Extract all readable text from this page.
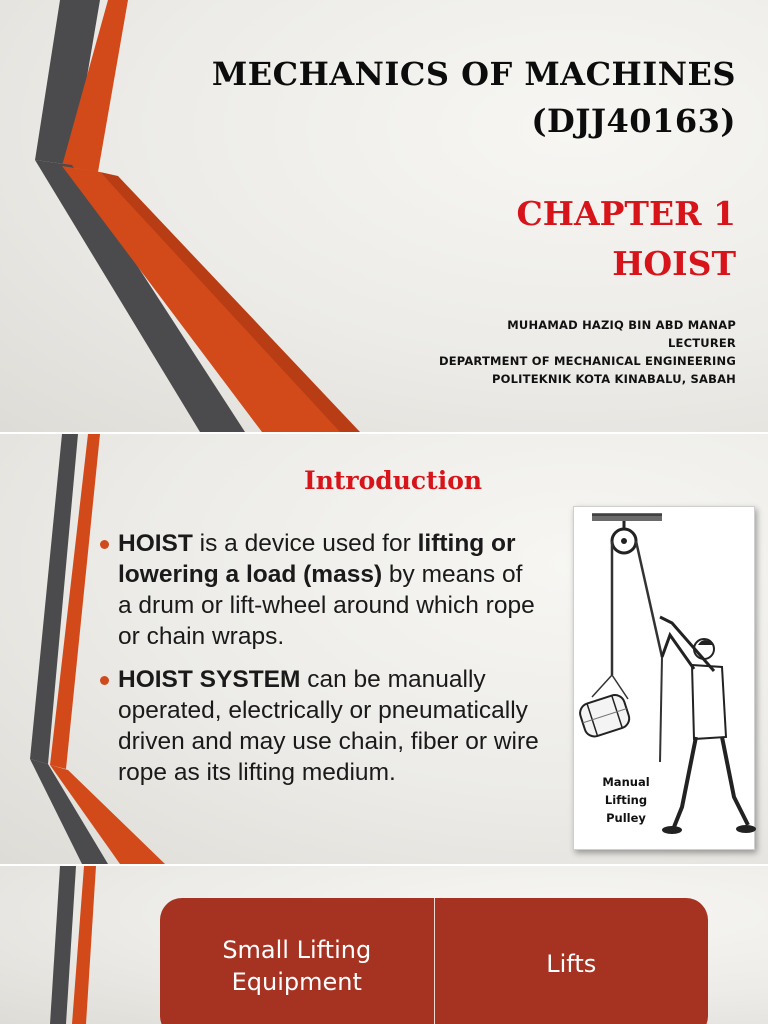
MECHANICS OF MACHINES
(DJJ40163)
CHAPTER 1
HOIST
MUHAMAD HAZIQ BIN ABD MANAP
LECTURER
DEPARTMENT OF MECHANICAL ENGINEERING
POLITEKNIK KOTA KINABALU, SABAH
Introduction

HOIST is a device used for lifting or lowering a load (mass) by means of a drum or lift-wheel around which rope or chain wraps.

HOIST SYSTEM can be manually operated, electrically or pneumatically driven and may use chain, fiber or wire rope as its lifting medium.	Manual
Lifting
Pulley
Small Lifting
Equipment
Lifts
